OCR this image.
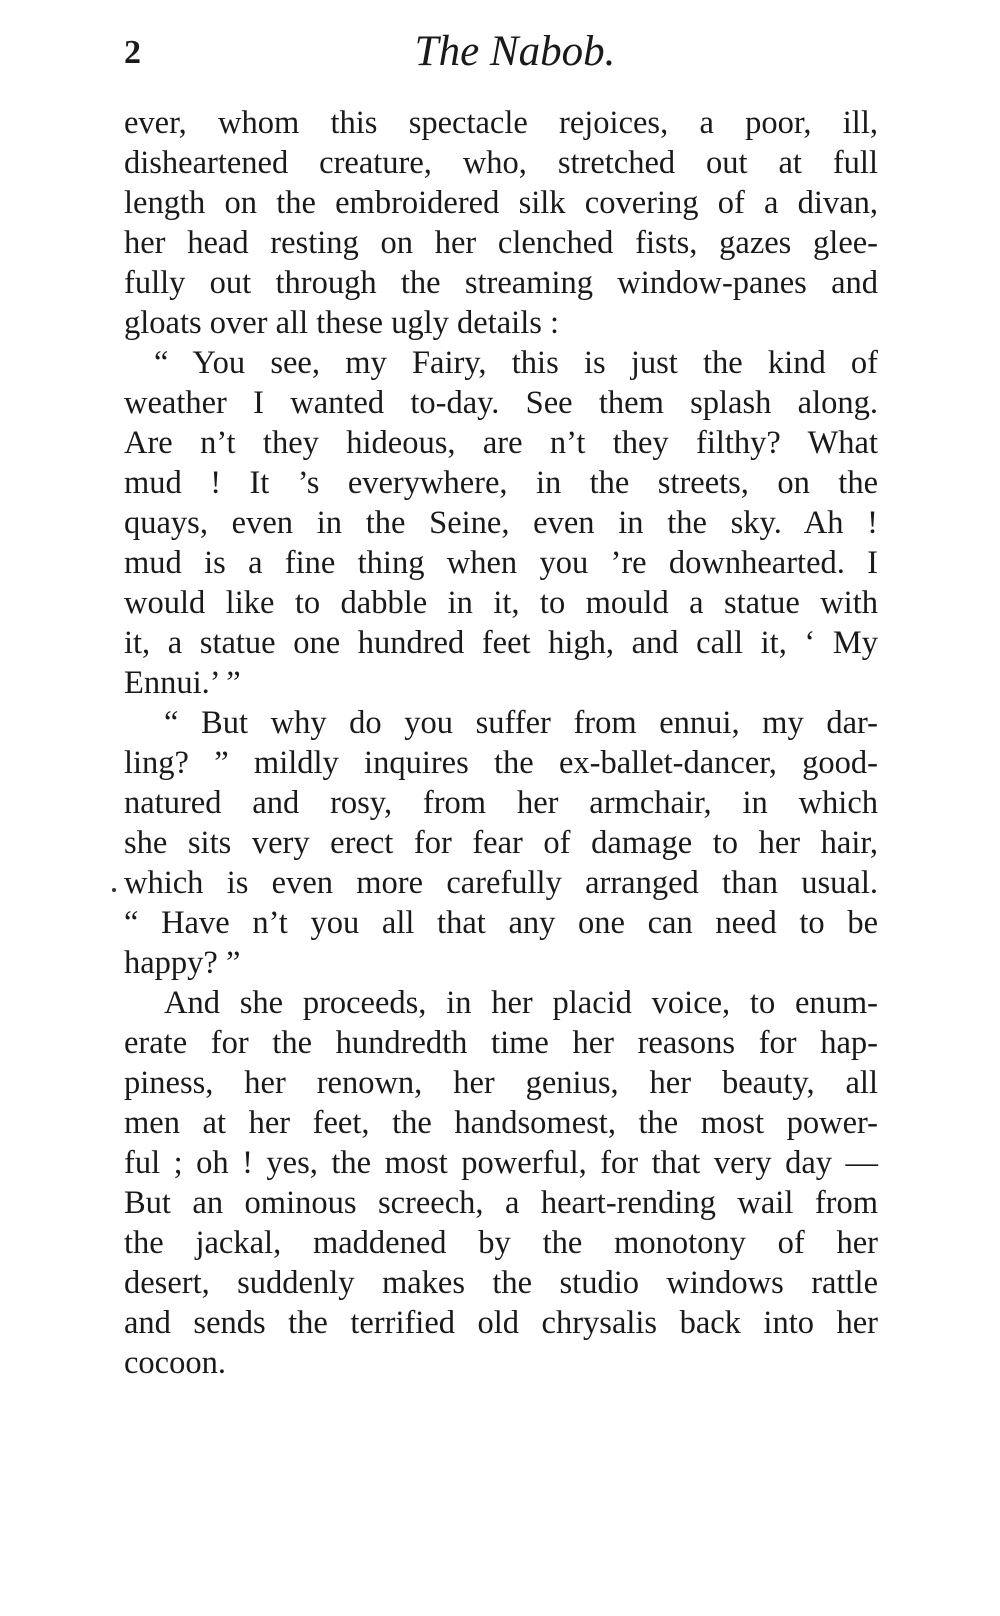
2	The Nabob.
ever, whom this spectacle rejoices, a poor, ill,
disheartened creature, who, stretched out at full
length on the embroidered silk covering of a divan,
her head resting on her clenched fists, gazes glee-
fully out through the streaming window-panes and
gloats over all these ugly details :
“ You see, my Fairy, this is just the kind of
weather I wanted to-day. See them splash along.
Are n’t they hideous, are n’t they filthy? What
mud ! It ’s everywhere, in the streets, on the
quays, even in the Seine, even in the sky. Ah !
mud is a fine thing when you ’re downhearted. I
would like to dabble in it, to mould a statue with
it, a statue one hundred feet high, and call it, ‘ My
Ennui.’ ”
“ But why do you suffer from ennui, my dar-
ling? ” mildly inquires the ex-ballet-dancer, good-
natured and rosy, from her armchair, in which
she sits very erect for fear of damage to her hair,
which is even more carefully arranged than usual.
“ Have n’t you all that any one can need to be
happy? ”
And she proceeds, in her placid voice, to enum-
erate for the hundredth time her reasons for hap-
piness, her renown, her genius, her beauty, all
men at her feet, the handsomest, the most power-
ful ; oh ! yes, the most powerful, for that very day —
But an ominous screech, a heart-rending wail from
the jackal, maddened by the monotony of her
desert, suddenly makes the studio windows rattle
and sends the terrified old chrysalis back into her
cocoon.
